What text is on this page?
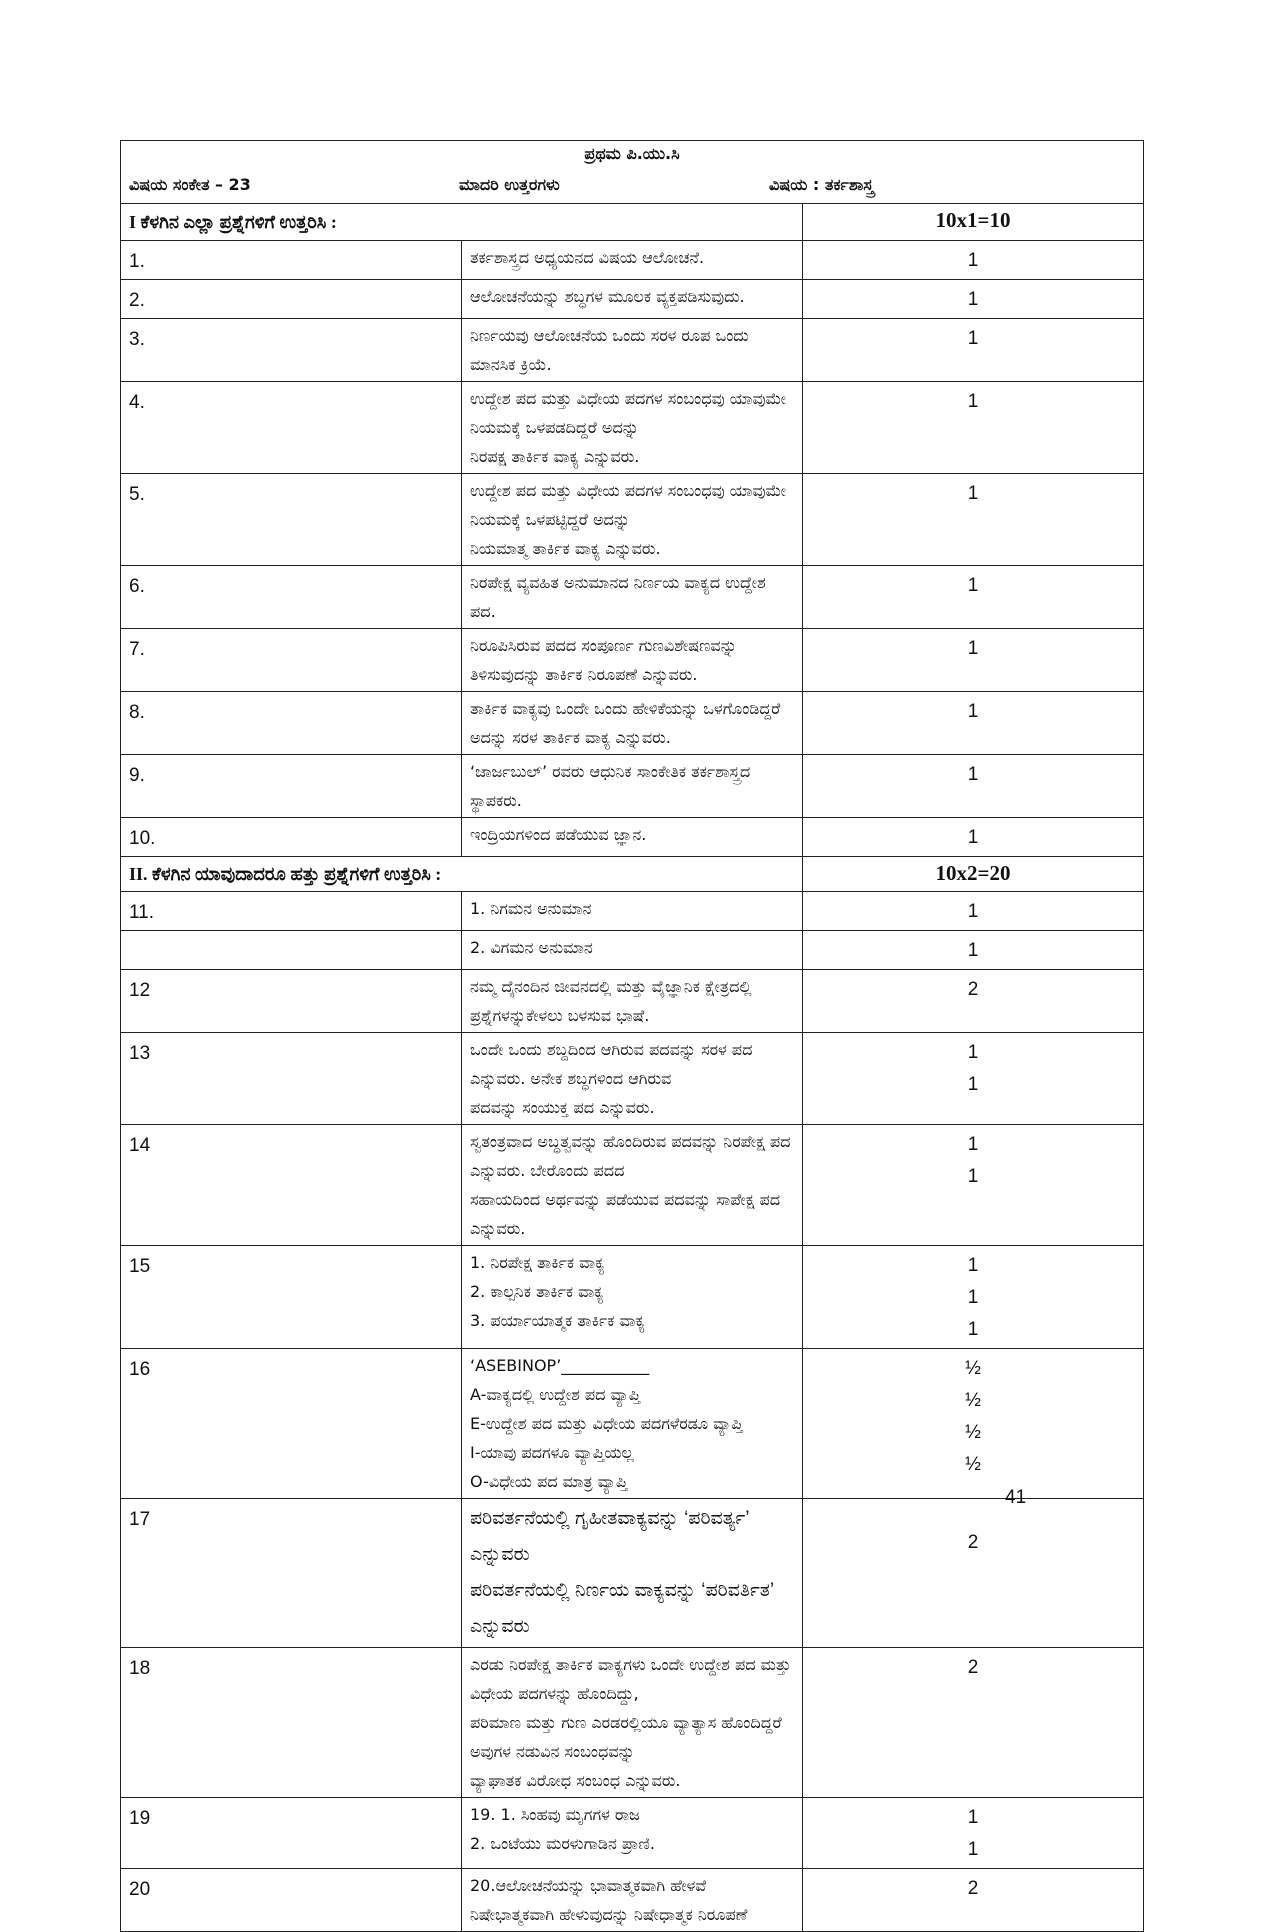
ಪ್ರಥಮ ಪಿ.ಯು.ಸಿ
ವಿಷಯ ಸಂಕೇತ – 23 ಮಾದರಿ ಉತ್ತರಗಳು ವಿಷಯ : ತರ್ಕಶಾಸ್ತ್ರ		

I ಕೆಳಗಿನ ಎಲ್ಲಾ ಪ್ರಶ್ನೆಗಳಿಗೆ ಉತ್ತರಿಸಿ :		10x1=10
1.	ತರ್ಕಶಾಸ್ತ್ರದ ಅಧ್ಯಯನದ ವಿಷಯ ಆಲೋಚನೆ.	1

2.	ಆಲೋಚನೆಯನ್ನು ಶಬ್ಧಗಳ ಮೂಲಕ ವ್ಯಕ್ತಪಡಿಸುವುದು.	1

3.	ನಿರ್ಣಯವು ಆಲೋಚನೆಯ ಒಂದು ಸರಳ ರೂಪ ಒಂದು ಮಾನಸಿಕ ಕ್ರಿಯೆ.	1

4.	ಉದ್ದೇಶ ಪದ ಮತ್ತು ವಿಧೇಯ ಪದಗಳ ಸಂಬಂಧವು ಯಾವುಮೇ ನಿಯಮಕ್ಕೆ ಒಳಪಡದಿದ್ದರೆ ಅದನ್ನು
ನಿರಪಕ್ಷ ತಾರ್ಕಿಕ ವಾಕ್ಯ ಎನ್ನುವರು.	1

5.	ಉದ್ದೇಶ ಪದ ಮತ್ತು ವಿಧೇಯ ಪದಗಳ ಸಂಬಂಧವು ಯಾವುಮೇ ನಿಯಮಕ್ಕೆ ಒಳಪಟ್ಟಿದ್ದರೆ ಅದನ್ನು
ನಿಯಮಾತ್ಮ ತಾರ್ಕಿಕ ವಾಕ್ಯ ಎನ್ನುವರು.	1

6.	ನಿರಪೇಕ್ಷ ವ್ಯವಹಿತ ಅನುಮಾನದ ನಿರ್ಣಯ ವಾಕ್ಯದ ಉದ್ದೇಶ ಪದ.	1

7.	ನಿರೂಪಿಸಿರುವ ಪದದ ಸಂಪೂರ್ಣ ಗುಣವಿಶೇಷಣವನ್ನು ತಿಳಿಸುವುದನ್ನು ತಾರ್ಕಿಕ ನಿರೂಪಣೆ ಎನ್ನುವರು.	1

8.	ತಾರ್ಕಿಕ ವಾಕ್ಯವು ಒಂದೇ ಒಂದು ಹೇಳಿಕೆಯನ್ನು ಒಳಗೊಂಡಿದ್ದರೆ ಅದನ್ನು ಸರಳ ತಾರ್ಕಿಕ ವಾಕ್ಯ ಎನ್ನುವರು.	1

9.	‘ಜಾರ್ಜಬುಲ್’ ರವರು ಆಧುನಿಕ ಸಾಂಕೇತಿಕ ತರ್ಕಶಾಸ್ತ್ರದ ಸ್ಥಾಪಕರು.	1

10.	ಇಂದ್ರಿಯಗಳಿಂದ ಪಡೆಯುವ ಜ್ಞಾನ.	1

II. ಕೆಳಗಿನ ಯಾವುದಾದರೂ ಹತ್ತು ಪ್ರಶ್ನೆಗಳಿಗೆ ಉತ್ತರಿಸಿ :		10x2=20
11.	1. ನಿಗಮನ ಅನುಮಾನ	1

	2. ವಿಗಮನ ಅನುಮಾನ	1

12	ನಮ್ಮ ದೈನಂದಿನ ಜೀವನದಲ್ಲಿ ಮತ್ತು ವೈಜ್ಞಾನಿಕ ಕ್ಷೇತ್ರದಲ್ಲಿ ಪ್ರಶ್ನೆಗಳನ್ನುಕೇಳಲು ಬಳಸುವ ಭಾಷೆ.	2

13	ಒಂದೇ ಒಂದು ಶಬ್ದದಿಂದ ಆಗಿರುವ ಪದವನ್ನು ಸರಳ ಪದ ಎನ್ನುವರು. ಅನೇಕ ಶಬ್ಧಗಳಿಂದ ಆಗಿರುವ
ಪದವನ್ನು ಸಂಯುಕ್ತ ಪದ ಎನ್ನುವರು.	1
1

14	ಸ್ವತಂತ್ರವಾದ ಅಬ್ಧತ್ವವನ್ನು ಹೊಂದಿರುವ ಪದವನ್ನು ನಿರಪೇಕ್ಷ ಪದ ಎನ್ನುವರು. ಬೇರೊಂದು ಪದದ
ಸಹಾಯದಿಂದ ಅರ್ಥವನ್ನು ಪಡೆಯುವ ಪದವನ್ನು ಸಾಪೇಕ್ಷ ಪದ ಎನ್ನುವರು.	1
1

15	1. ನಿರಪೇಕ್ಷ ತಾರ್ಕಿಕ ವಾಕ್ಯ
2. ಕಾಲ್ಪನಿಕ ತಾರ್ಕಿಕ ವಾಕ್ಯ
3. ಪರ್ಯಾಯಾತ್ಮಕ ತಾರ್ಕಿಕ ವಾಕ್ಯ	1
1
1

16	‘ASEBINOP’___________
A-ವಾಕ್ಯದಲ್ಲಿ ಉದ್ದೇಶ ಪದ ವ್ಯಾಪ್ತಿ
E-ಉದ್ದೇಶ ಪದ ಮತ್ತು ವಿಧೇಯ ಪದಗಳೆರಡೂ ವ್ಯಾಪ್ತಿ
I-ಯಾವು ಪದಗಳೂ ವ್ಯಾಪ್ತಿಯಲ್ಲ
O-ವಿಧೇಯ ಪದ ಮಾತ್ರ ವ್ಯಾಪ್ತಿ	½
½
½
½

17	ಪರಿವರ್ತನೆಯಲ್ಲಿ ಗೃಹೀತವಾಕ್ಯವನ್ನು ‘ಪರಿವರ್ತ್ಯ’ ಎನ್ನುವರು
ಪರಿವರ್ತನೆಯಲ್ಲಿ ನಿರ್ಣಯ ವಾಕ್ಯವನ್ನು ‘ಪರಿವರ್ತಿತ’ ಎನ್ನುವರು	2

18	ಎರಡು ನಿರಪೇಕ್ಷ ತಾರ್ಕಿಕ ವಾಕ್ಯಗಳು ಒಂದೇ ಉದ್ದೇಶ ಪದ ಮತ್ತು ವಿಧೇಯ ಪದಗಳನ್ನು ಹೊಂದಿದ್ದು,
ಪರಿಮಾಣ ಮತ್ತು ಗುಣ ಎರಡರಲ್ಲಿಯೂ ವ್ಯಾತ್ಯಾಸ ಹೊಂದಿದ್ದರೆ ಅವುಗಳ ನಡುವಿನ ಸಂಬಂಧವನ್ನು
ವ್ಯಾಘಾತಕ ವಿರೋಧ ಸಂಬಂಧ ಎನ್ನುವರು.	2

19	19. 1. ಸಿಂಹವು ಮೃಗಗಳ ರಾಜ
2. ಒಂಟೆಯು ಮರಳುಗಾಡಿನ ಪ್ರಾಣಿ.	1
1

20	20.ಆಲೋಚನೆಯನ್ನು ಭಾವಾತ್ಮಕವಾಗಿ ಹೇಳವೆ ನಿಷೇಭಾತ್ಮಕವಾಗಿ ಹೇಳುವುದನ್ನು ನಿಷೇಧಾತ್ಮಕ ನಿರೂಪಣೆ	2
41
